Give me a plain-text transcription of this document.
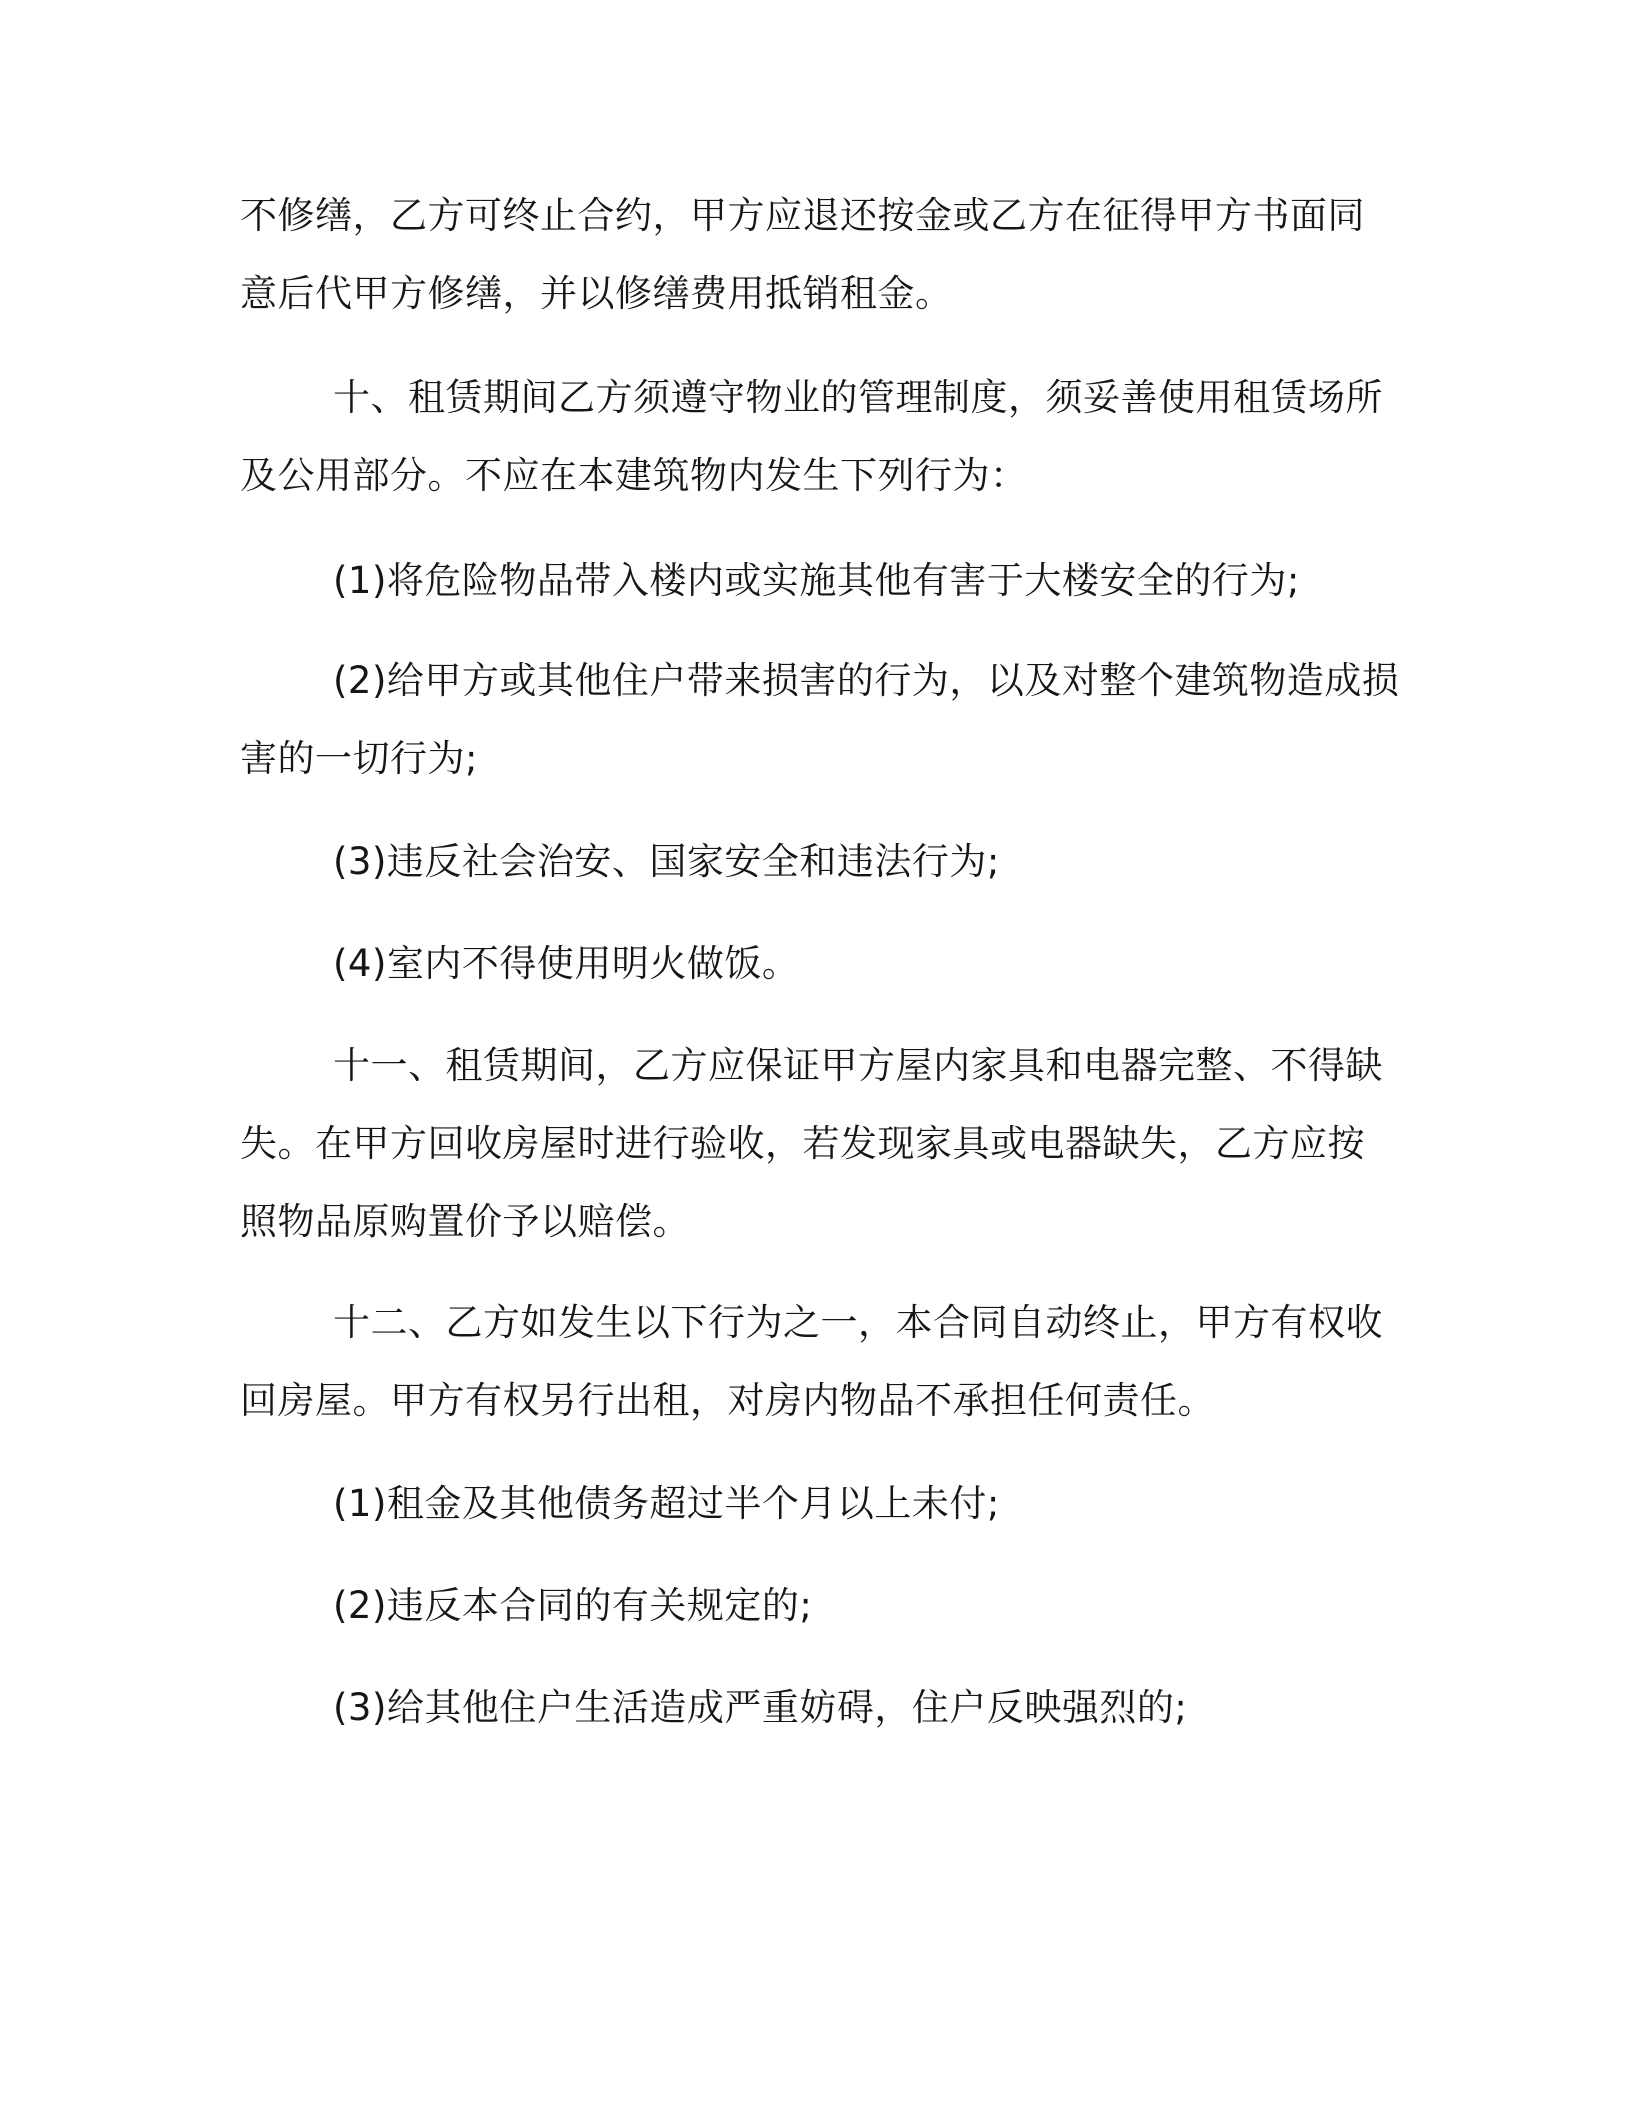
不修缮，乙方可终止合约，甲方应退还按金或乙方在征得甲方书面同

意后代甲方修缮，并以修缮费用抵销租金。

十、租赁期间乙方须遵守物业的管理制度，须妥善使用租赁场所

及公用部分。不应在本建筑物内发生下列行为：

(1)将危险物品带入楼内或实施其他有害于大楼安全的行为;

(2)给甲方或其他住户带来损害的行为，以及对整个建筑物造成损

害的一切行为;

(3)违反社会治安、国家安全和违法行为;

(4)室内不得使用明火做饭。

十一、租赁期间，乙方应保证甲方屋内家具和电器完整、不得缺

失。在甲方回收房屋时进行验收，若发现家具或电器缺失，乙方应按

照物品原购置价予以赔偿。

十二、乙方如发生以下行为之一，本合同自动终止，甲方有权收

回房屋。甲方有权另行出租，对房内物品不承担任何责任。

(1)租金及其他债务超过半个月以上未付;

(2)违反本合同的有关规定的;

(3)给其他住户生活造成严重妨碍，住户反映强烈的;
